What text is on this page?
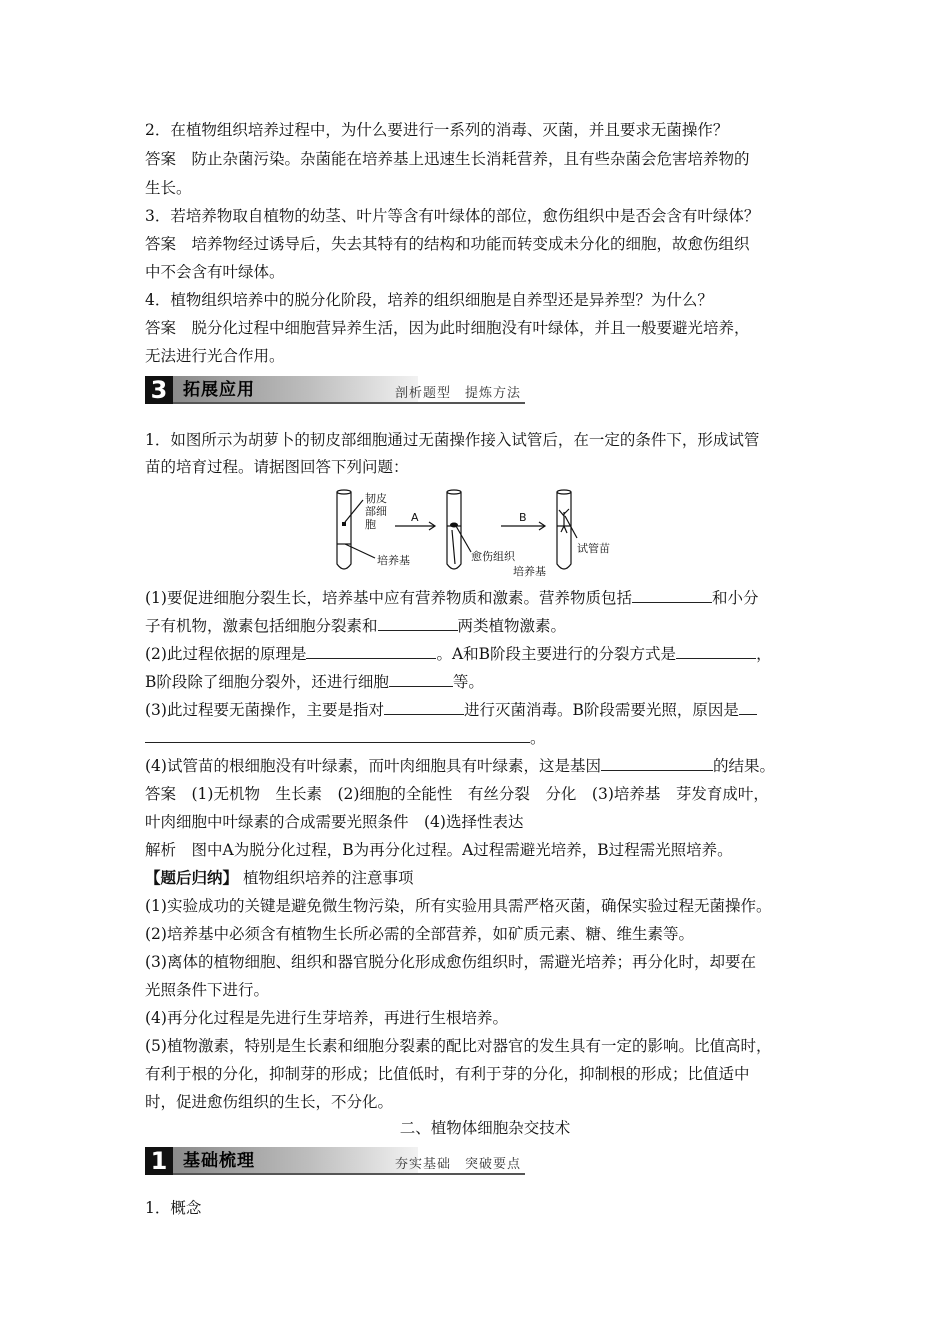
2．在植物组织培养过程中，为什么要进行一系列的消毒、灭菌，并且要求无菌操作？
答案　防止杂菌污染。杂菌能在培养基上迅速生长消耗营养，且有些杂菌会危害培养物的
生长。
3．若培养物取自植物的幼茎、叶片等含有叶绿体的部位，愈伤组织中是否会含有叶绿体？
答案　培养物经过诱导后，失去其特有的结构和功能而转变成未分化的细胞，故愈伤组织
中不会含有叶绿体。
4．植物组织培养中的脱分化阶段，培养的组织细胞是自养型还是异养型？为什么？
答案　脱分化过程中细胞营异养生活，因为此时细胞没有叶绿体，并且一般要避光培养，
无法进行光合作用。
3 拓展应用	剖析题型　提炼方法
1．如图所示为胡萝卜的韧皮部细胞通过无菌操作接入试管后，在一定的条件下，形成试管
苗的培育过程。请据图回答下列问题：
韧皮
部细
胞
培养基
A	B
愈伤组织
培养基
试管苗
(1)要促进细胞分裂生长，培养基中应有营养物质和激素。营养物质包括	和小分
子有机物，激素包括细胞分裂素和	两类植物激素。
(2)此过程依据的原理是	。A和B阶段主要进行的分裂方式是	，
B阶段除了细胞分裂外，还进行细胞	等。
(3)此过程要无菌操作，主要是指对	进行灭菌消毒。B阶段需要光照，原因是
。
(4)试管苗的根细胞没有叶绿素，而叶肉细胞具有叶绿素，这是基因	的结果。
答案　(1)无机物　生长素　(2)细胞的全能性　有丝分裂　分化　(3)培养基　芽发育成叶，
叶肉细胞中叶绿素的合成需要光照条件　(4)选择性表达
解析　图中A为脱分化过程，B为再分化过程。A过程需避光培养，B过程需光照培养。
【题后归纳】 植物组织培养的注意事项
(1)实验成功的关键是避免微生物污染，所有实验用具需严格灭菌，确保实验过程无菌操作。
(2)培养基中必须含有植物生长所必需的全部营养，如矿质元素、糖、维生素等。
(3)离体的植物细胞、组织和器官脱分化形成愈伤组织时，需避光培养；再分化时，却要在
光照条件下进行。
(4)再分化过程是先进行生芽培养，再进行生根培养。
(5)植物激素，特别是生长素和细胞分裂素的配比对器官的发生具有一定的影响。比值高时，
有利于根的分化，抑制芽的形成；比值低时，有利于芽的分化，抑制根的形成；比值适中
时，促进愈伤组织的生长，不分化。
二、植物体细胞杂交技术
1 基础梳理	夯实基础　突破要点
1．概念
